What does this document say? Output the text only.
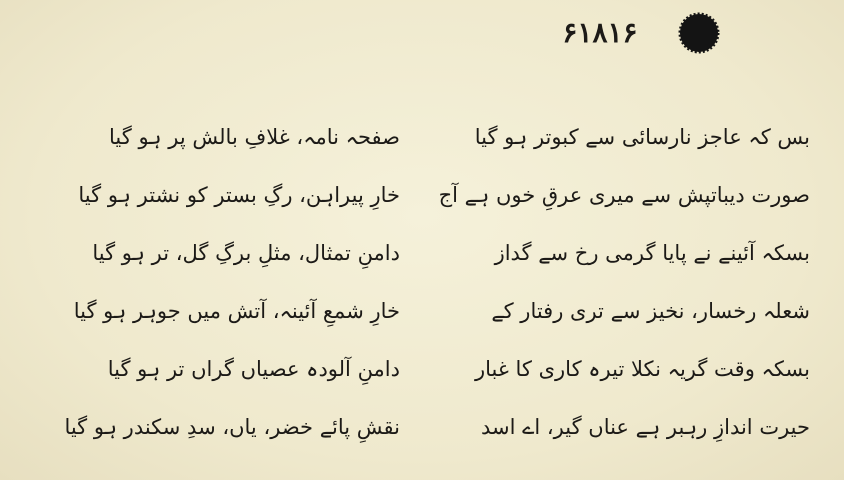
۶۱۸۱۶
بس کہ عاجز نارسائی سے کبوتر ہو گیا
صورت دیباتپش سے میری عرقِ خوں ہے آج
بسکہ آئینے نے پایا گرمی رخ سے گداز
شعلہ رخسار، نخیز سے تری رفتار کے
بسکہ وقت گریہ نکلا تیرہ کاری کا غبار
حیرت اندازِ رہبر ہے عناں گیر، اے اسد
صفحہ نامہ، غلافِ بالش پر ہو گیا
خارِ پیراہن، رگِ بستر کو نشتر ہو گیا
دامنِ تمثال، مثلِ برگِ گل، تر ہو گیا
خارِ شمعِ آئینہ، آتش میں جوہر ہو گیا
دامنِ آلودہ عصیاں گراں تر ہو گیا
نقشِ پائے خضر، یاں، سدِ سکندر ہو گیا
